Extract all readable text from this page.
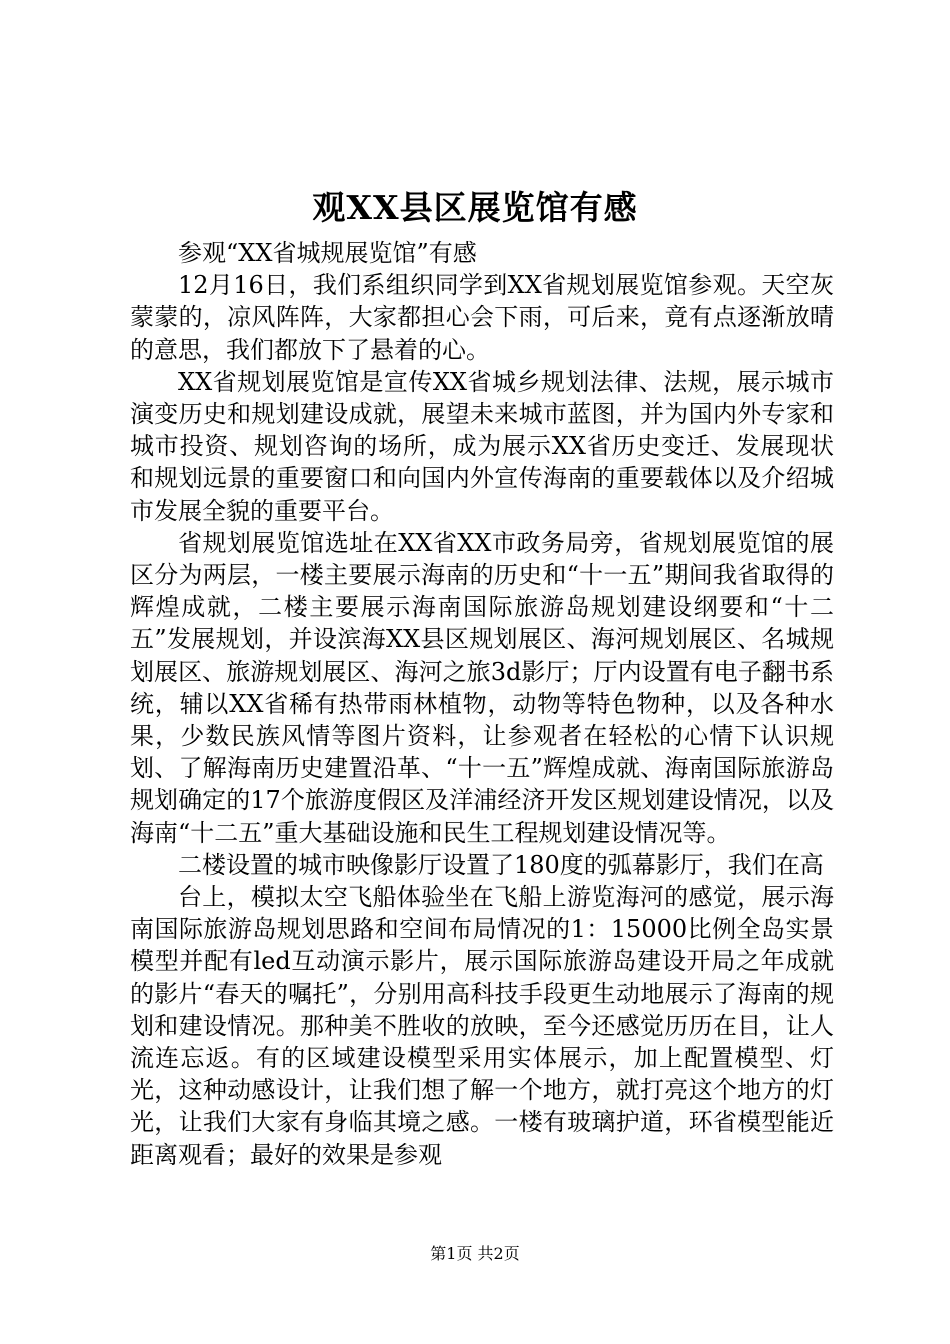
观XX县区展览馆有感

参观“XX省城规展览馆”有感

12月16日，我们系组织同学到XX省规划展览馆参观。天空灰蒙蒙的，凉风阵阵，大家都担心会下雨，可后来，竟有点逐渐放晴的意思，我们都放下了悬着的心。

XX省规划展览馆是宣传XX省城乡规划法律、法规，展示城市演变历史和规划建设成就，展望未来城市蓝图，并为国内外专家和城市投资、规划咨询的场所，成为展示XX省历史变迁、发展现状和规划远景的重要窗口和向国内外宣传海南的重要载体以及介绍城市发展全貌的重要平台。

省规划展览馆选址在XX省XX市政务局旁，省规划展览馆的展区分为两层，一楼主要展示海南的历史和“十一五”期间我省取得的辉煌成就，二楼主要展示海南国际旅游岛规划建设纲要和“十二五”发展规划，并设滨海XX县区规划展区、海河规划展区、名城规划展区、旅游规划展区、海河之旅3d影厅；厅内设置有电子翻书系统，辅以XX省稀有热带雨林植物，动物等特色物种，以及各种水果，少数民族风情等图片资料，让参观者在轻松的心情下认识规划、了解海南历史建置沿革、“十一五”辉煌成就、海南国际旅游岛规划确定的17个旅游度假区及洋浦经济开发区规划建设情况，以及海南“十二五”重大基础设施和民生工程规划建设情况等。

二楼设置的城市映像影厅设置了180度的弧幕影厅，我们在高

台上，模拟太空飞船体验坐在飞船上游览海河的感觉，展示海南国际旅游岛规划思路和空间布局情况的1：15000比例全岛实景模型并配有led互动演示影片，展示国际旅游岛建设开局之年成就的影片“春天的嘱托”，分别用高科技手段更生动地展示了海南的规划和建设情况。那种美不胜收的放映，至今还感觉历历在目，让人流连忘返。有的区域建设模型采用实体展示，加上配置模型、灯光，这种动感设计，让我们想了解一个地方，就打亮这个地方的灯光，让我们大家有身临其境之感。一楼有玻璃护道，环省模型能近距离观看；最好的效果是参观

第1页 共2页
